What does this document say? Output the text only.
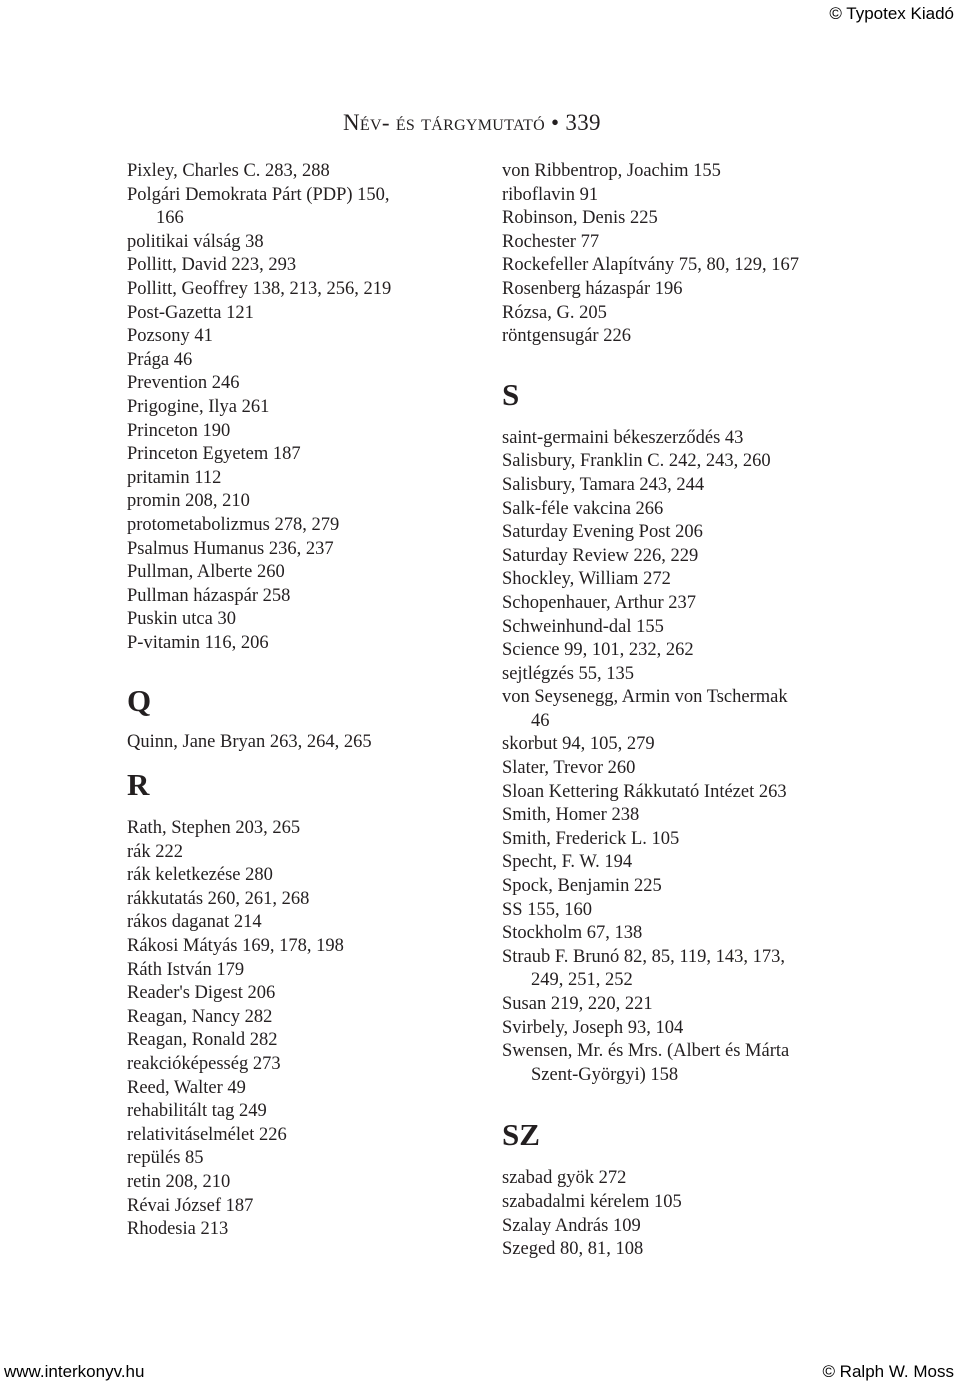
© Typotex Kiadó
Név- és tárgymutató • 339
Pixley, Charles C. 283, 288
Polgári Demokrata Párt (PDP) 150,
166
politikai válság 38
Pollitt, David 223, 293
Pollitt, Geoffrey 138, 213, 256, 219
Post-Gazetta 121
Pozsony 41
Prága 46
Prevention 246
Prigogine, Ilya 261
Princeton 190
Princeton Egyetem 187
pritamin 112
promin 208, 210
protometabolizmus 278, 279
Psalmus Humanus 236, 237
Pullman, Alberte 260
Pullman házaspár 258
Puskin utca 30
P-vitamin 116, 206
Q
Quinn, Jane Bryan 263, 264, 265
R
Rath, Stephen 203, 265
rák 222
rák keletkezése 280
rákkutatás 260, 261, 268
rákos daganat 214
Rákosi Mátyás 169, 178, 198
Ráth István 179
Reader's Digest 206
Reagan, Nancy 282
Reagan, Ronald 282
reakcióképesség 273
Reed, Walter 49
rehabilitált tag 249
relativitáselmélet 226
repülés 85
retin 208, 210
Révai József 187
Rhodesia 213
von Ribbentrop, Joachim 155
riboflavin 91
Robinson, Denis 225
Rochester 77
Rockefeller Alapítvány 75, 80, 129, 167
Rosenberg házaspár 196
Rózsa, G. 205
röntgensugár 226
S
saint-germaini békeszerződés 43
Salisbury, Franklin C. 242, 243, 260
Salisbury, Tamara 243, 244
Salk-féle vakcina 266
Saturday Evening Post 206
Saturday Review 226, 229
Shockley, William 272
Schopenhauer, Arthur 237
Schweinhund-dal 155
Science 99, 101, 232, 262
sejtlégzés 55, 135
von Seysenegg, Armin von Tschermak
46
skorbut 94, 105, 279
Slater, Trevor 260
Sloan Kettering Rákkutató Intézet 263
Smith, Homer 238
Smith, Frederick L. 105
Specht, F. W. 194
Spock, Benjamin 225
SS 155, 160
Stockholm 67, 138
Straub F. Brunó 82, 85, 119, 143, 173,
249, 251, 252
Susan 219, 220, 221
Svirbely, Joseph 93, 104
Swensen, Mr. és Mrs. (Albert és Márta
Szent-Györgyi) 158
SZ
szabad gyök 272
szabadalmi kérelem 105
Szalay András 109
Szeged 80, 81, 108
www.interkonyv.hu	© Ralph W. Moss
